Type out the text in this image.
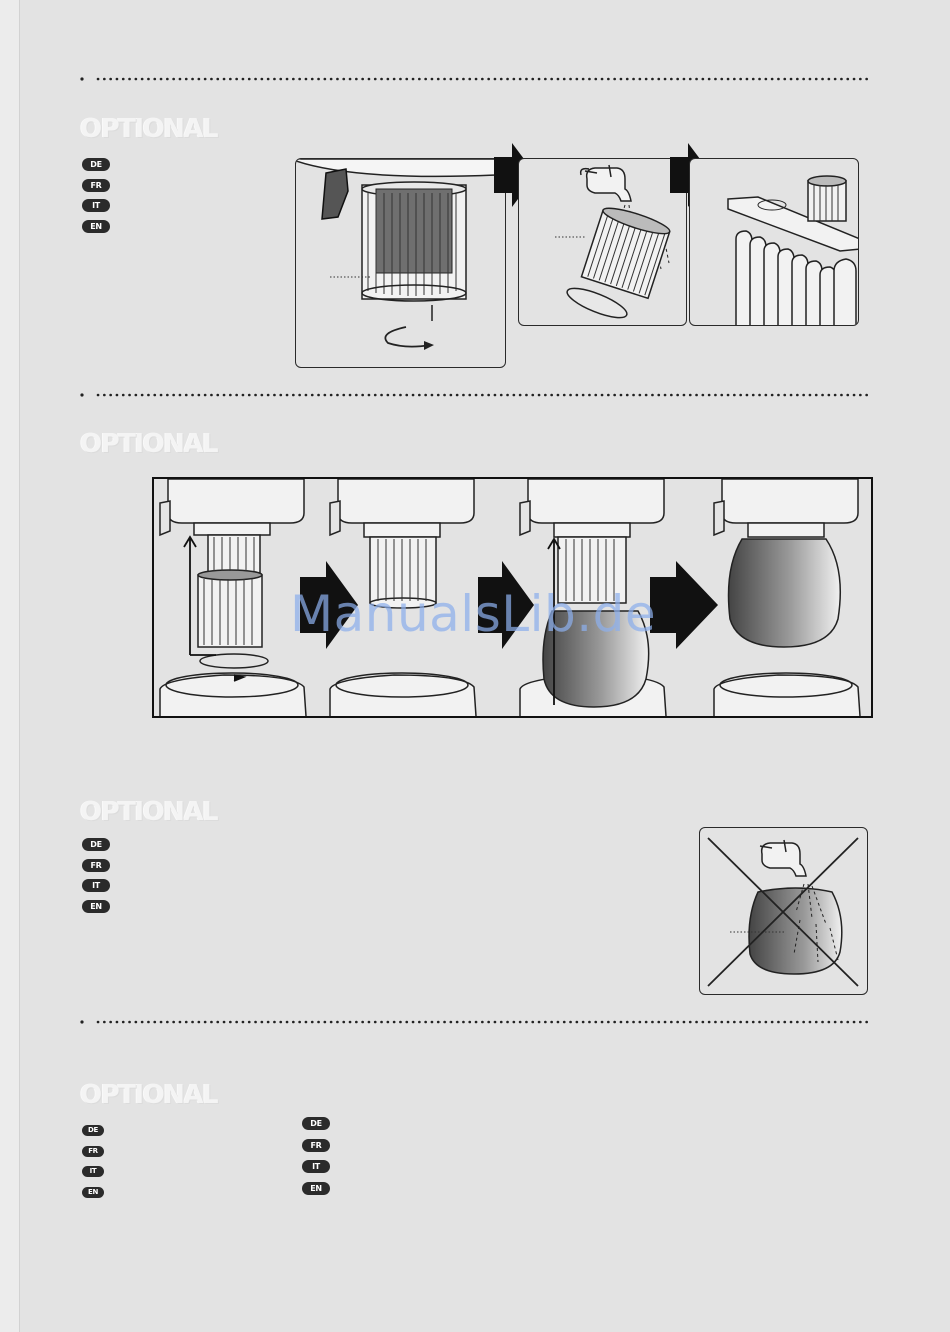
OPTIONAL
DE
FR
IT
EN
OPTIONAL

ManualsLib.de

OPTIONAL
DE
FR
IT
EN
OPTIONAL
DE
FR
IT
EN
DE
FR
IT
EN
